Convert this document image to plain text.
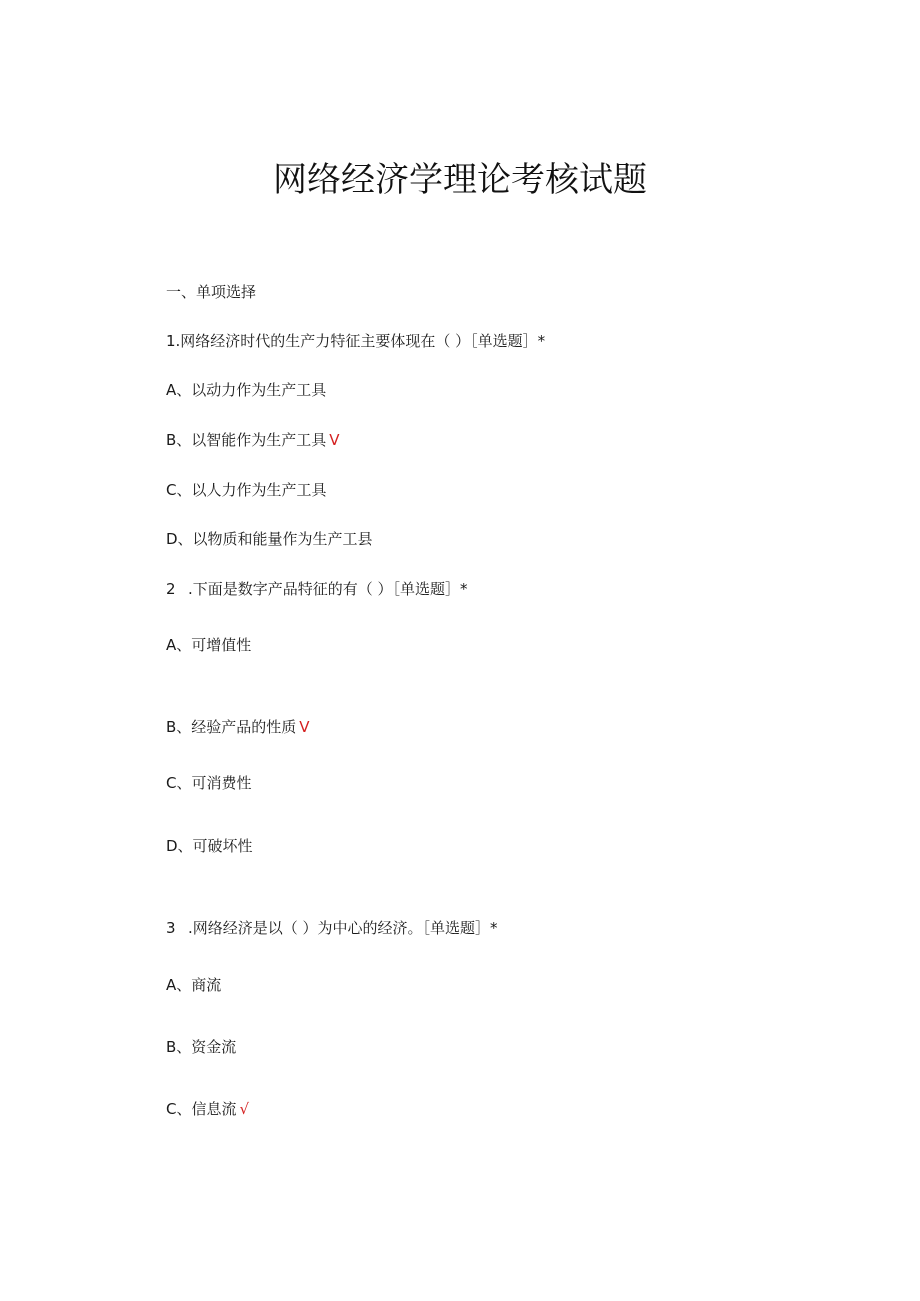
网络经济学理论考核试题
一、单项选择
1.网络经济时代的生产力特征主要体现在（ ）［单选题］*
A、以动力作为生产工具
B、以智能作为生产工具 V
C、以人力作为生产工具
D、以物质和能量作为生产工县
2 .下面是数字产品特征的有（ ）［单选题］*
A、可增值性
B、经验产品的性质 V
C、可消费性
D、可破坏性
3 .网络经济是以（ ）为中心的经济。［单选题］*
A、商流
B、资金流
C、信息流 √
